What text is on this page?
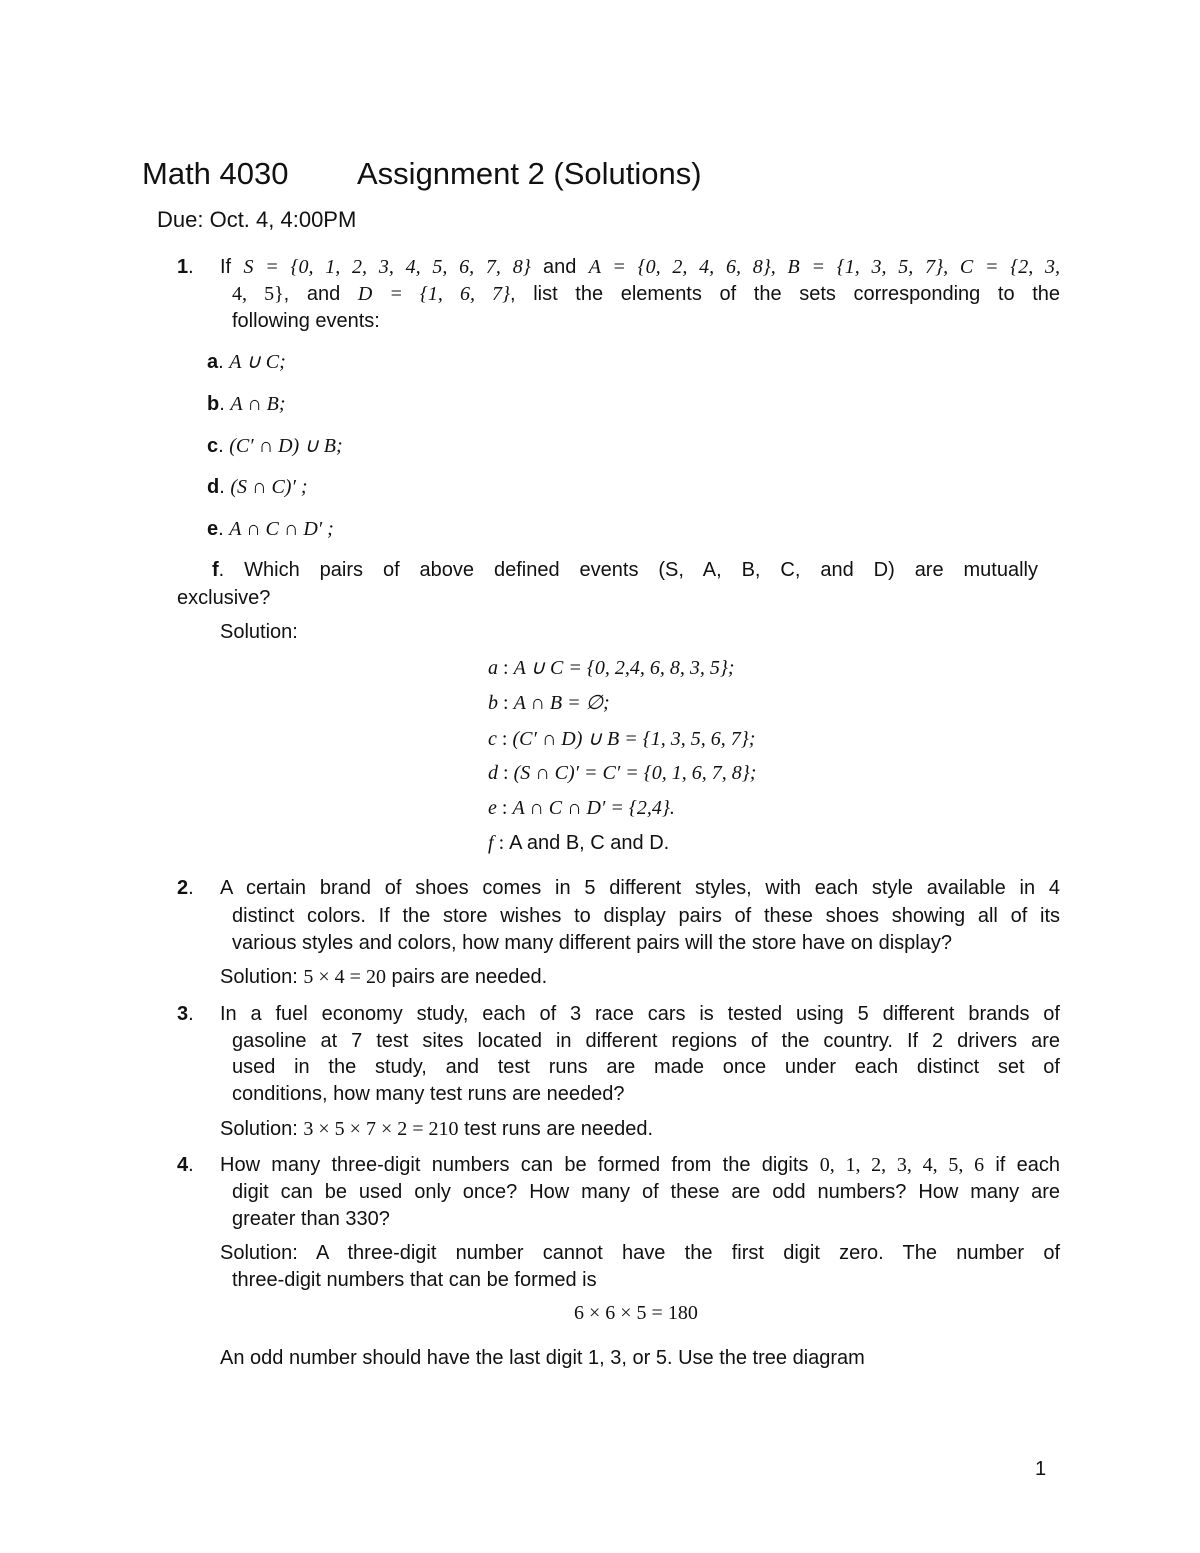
Math 4030 Assignment 2 (Solutions)
Due: Oct. 4, 4:00PM
1. If S = {0, 1, 2, 3, 4, 5, 6, 7, 8} and A = {0, 2, 4, 6, 8}, B = {1, 3, 5, 7}, C = {2, 3,
4, 5}, and D = {1, 6, 7}, list the elements of the sets corresponding to the
following events:
a. A ∪ C;
b. A ∩ B;
c. (C′ ∩ D) ∪ B;
d. (S ∩ C)′ ;
e. A ∩ C ∩ D′ ;
f. Which pairs of above defined events (S, A, B, C, and D) are mutually
exclusive?
Solution:
a : A ∪ C = {0, 2,4, 6, 8, 3, 5};
b : A ∩ B = ∅;
c : (C′ ∩ D) ∪ B = {1, 3, 5, 6, 7};
d : (S ∩ C)′ = C′ = {0, 1, 6, 7, 8};
e : A ∩ C ∩ D′ = {2,4}.
f : A and B, C and D.
2. A certain brand of shoes comes in 5 different styles, with each style available in 4
distinct colors. If the store wishes to display pairs of these shoes showing all of its
various styles and colors, how many different pairs will the store have on display?
Solution: 5 × 4 = 20 pairs are needed.
3. In a fuel economy study, each of 3 race cars is tested using 5 different brands of
gasoline at 7 test sites located in different regions of the country. If 2 drivers are
used in the study, and test runs are made once under each distinct set of
conditions, how many test runs are needed?
Solution: 3 × 5 × 7 × 2 = 210 test runs are needed.
4. How many three-digit numbers can be formed from the digits 0, 1, 2, 3, 4, 5, 6 if each
digit can be used only once? How many of these are odd numbers? How many are
greater than 330?
Solution: A three-digit number cannot have the first digit zero. The number of
three-digit numbers that can be formed is
6 × 6 × 5 = 180
An odd number should have the last digit 1, 3, or 5. Use the tree diagram
1
